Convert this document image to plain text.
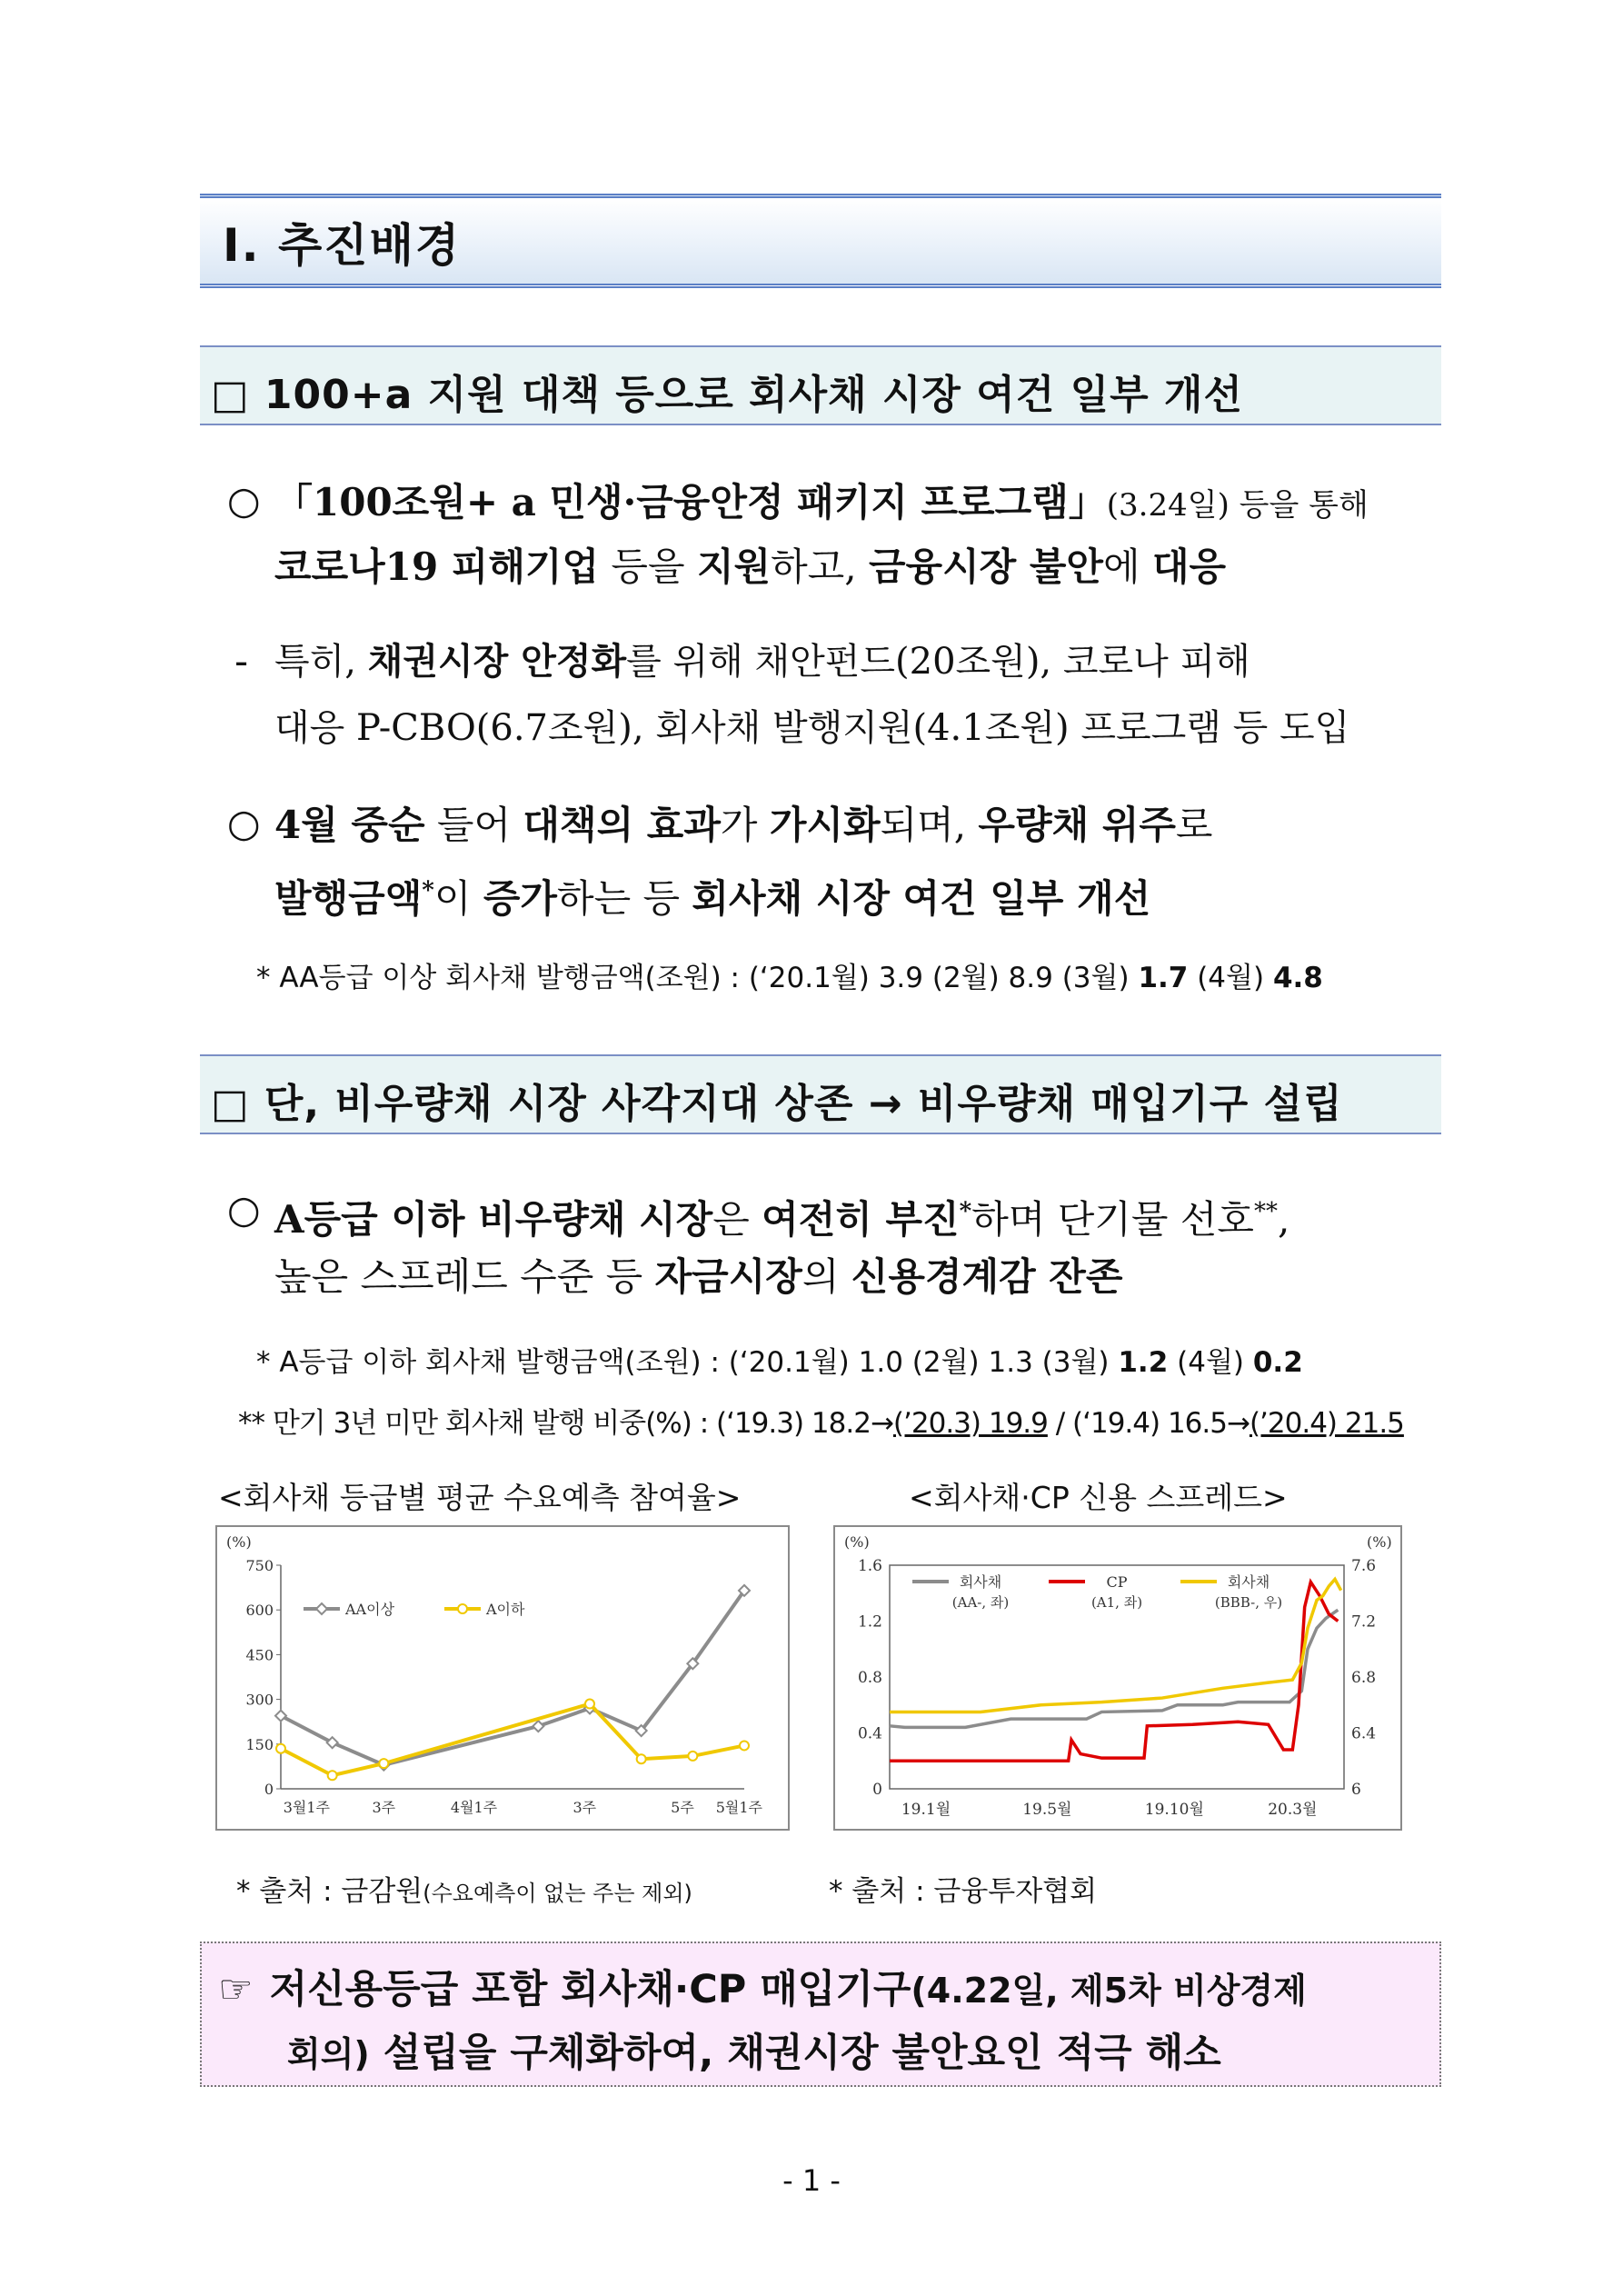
Ⅰ. 추진배경
□ 100+a 지원 대책 등으로 회사채 시장 여건 일부 개선
○ 「100조원+ a 민생·금융안정 패키지 프로그램」(3.24일) 등을 통해
코로나19 피해기업 등을 지원하고, 금융시장 불안에 대응
- 특히, 채권시장 안정화를 위해 채안펀드(20조원), 코로나 피해
대응 P-CBO(6.7조원), 회사채 발행지원(4.1조원) 프로그램 등 도입
○ 4월 중순 들어 대책의 효과가 가시화되며, 우량채 위주로
발행금액*이 증가하는 등 회사채 시장 여건 일부 개선
* AA등급 이상 회사채 발행금액(조원) : (‘20.1월) 3.9 (2월) 8.9 (3월) 1.7 (4월) 4.8
□ 단, 비우량채 시장 사각지대 상존 → 비우량채 매입기구 설립
○ A등급 이하 비우량채 시장은 여전히 부진*하며 단기물 선호**,
높은 스프레드 수준 등 자금시장의 신용경계감 잔존
* A등급 이하 회사채 발행금액(조원) : (‘20.1월) 1.0 (2월) 1.3 (3월) 1.2 (4월) 0.2
** 만기 3년 미만 회사채 발행 비중(%) : (‘19.3) 18.2→(’20.3) 19.9 / (‘19.4) 16.5→(’20.4) 21.5
<회사채 등급별 평균 수요예측 참여율>	<회사채·CP 신용 스프레드>
(%)
750
600
450
300
150
0
3월1주	3주	4월1주	3주	5주 5월1주
AA이상	A이하
(%)	(%)
1.6
1.2
0.8
0.4
0
7.6
7.2
6.8
6.4
6
19.1월	19.5월	19.10월	20.3월
회사채
(AA-, 좌)
CP
(A1, 좌)
회사채
(BBB-, 우)
* 출처 : 금감원(수요예측이 없는 주는 제외)	* 출처 : 금융투자협회
☞ 저신용등급 포함 회사채·CP 매입기구(4.22일, 제5차 비상경제
회의) 설립을 구체화하여, 채권시장 불안요인 적극 해소
- 1 -
